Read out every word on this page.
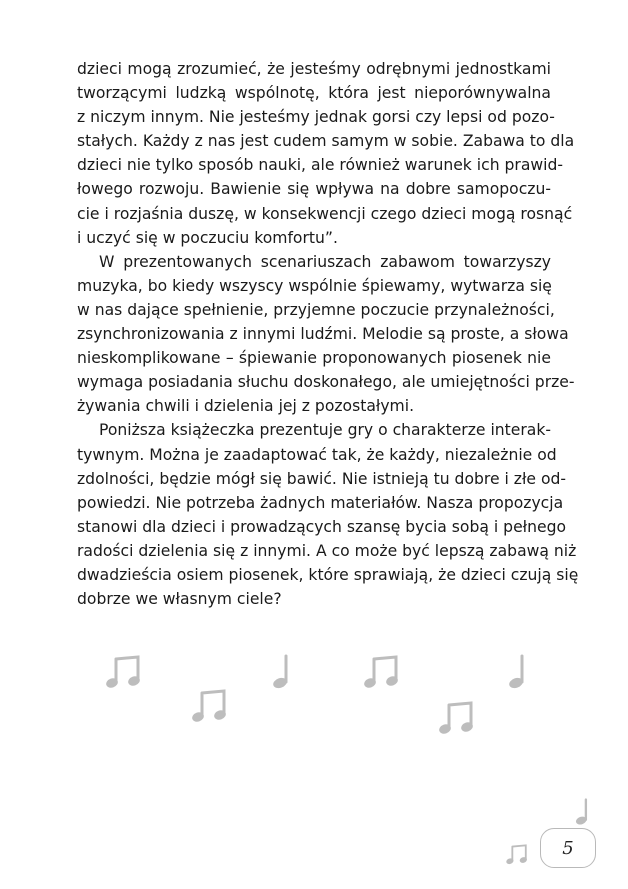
dzieci mogą zrozumieć, że jesteśmy odrębnymi jednostkami
tworzącymi ludzką wspólnotę, która jest nieporównywalna
z niczym innym. Nie jesteśmy jednak gorsi czy lepsi od pozo-
stałych. Każdy z nas jest cudem samym w sobie. Zabawa to dla
dzieci nie tylko sposób nauki, ale również warunek ich prawid-
łowego rozwoju. Bawienie się wpływa na dobre samopoczu-
cie i rozjaśnia duszę, w konsekwencji czego dzieci mogą rosnąć
i uczyć się w poczuciu komfortu”.

W prezentowanych scenariuszach zabawom towarzyszy
muzyka, bo kiedy wszyscy wspólnie śpiewamy, wytwarza się
w nas dające spełnienie, przyjemne poczucie przynależności,
zsynchronizowania z innymi ludźmi. Melodie są proste, a słowa
nieskomplikowane – śpiewanie proponowanych piosenek nie
wymaga posiadania słuchu doskonałego, ale umiejętności prze-
żywania chwili i dzielenia jej z pozostałymi.

Poniższa książeczka prezentuje gry o charakterze interak-
tywnym. Można je zaadaptować tak, że każdy, niezależnie od
zdolności, będzie mógł się bawić. Nie istnieją tu dobre i złe od-
powiedzi. Nie potrzeba żadnych materiałów. Nasza propozycja
stanowi dla dzieci i prowadzących szansę bycia sobą i pełnego
radości dzielenia się z innymi. A co może być lepszą zabawą niż
dwadzieścia osiem piosenek, które sprawiają, że dzieci czują się
dobrze we własnym ciele?

5
